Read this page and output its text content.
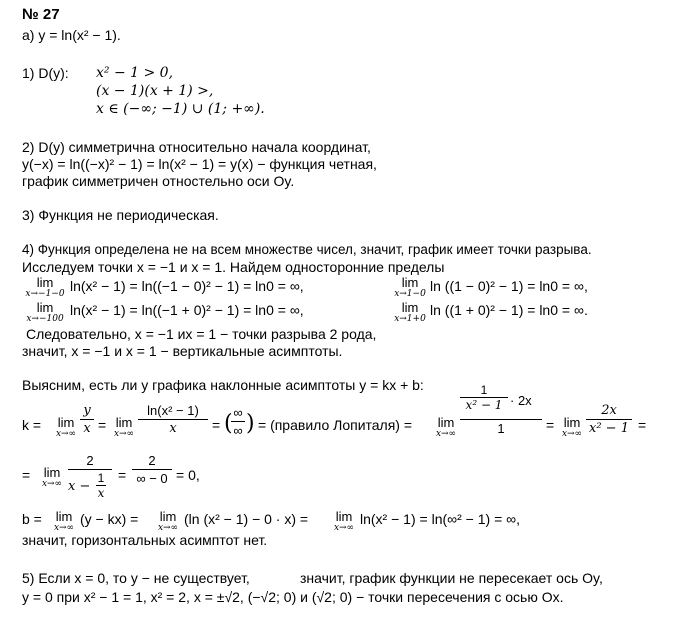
№ 27
а) y = ln(x² − 1).
1) D(y): x² − 1 > 0,
(x − 1)(x + 1) >,
x ∈ (−∞; −1) ∪ (1; +∞).
2) D(y) симметрична относительно начала координат,
y(−x) = ln((−x)² − 1) = ln(x² − 1) = y(x) − функция четная,
график симметричен отностельно оси Oy.
3) Функция не периодическая.
4) Функция определена не на всем множестве чисел, значит, график имеет точки разрыва.
Исследуем точки x = −1 и x = 1. Найдем односторонние пределы
lim
x→−1−0 ln(x² − 1) = ln((−1 − 0)² − 1) = ln0 = ∞,	lim
x→1−0 ln ((1 − 0)² − 1) = ln0 = ∞,
lim
x→−100
ln(x² − 1) = ln((−1 + 0)² − 1) = ln0 = ∞,	lim
x→1+0
ln ((1 + 0)² − 1) = ln0 = ∞.
Следовательно, x = −1 иx = 1 − точки разрыва 2 рода,
значит, x = −1 и x = 1 − вертикальные асимптоты.
Выясним, есть ли у графика наклонные асимптоты y = kx + b:
k =	lim
x→∞
y
x = lim
x→∞
ln(x² − 1)
x	= ( ∞
∞ ) = (правило Лопиталя) =	lim
x→∞
1
x² − 1 · 2x
1	= lim
x→∞
2x
x² − 1 =
=	lim
x→∞
2
x −
1
x
=
2
∞ − 0 = 0,
b =	lim
x→∞
(y − kx) =	lim
x→∞
(ln (x² − 1) − 0 · x) =	lim
x→∞
ln(x² − 1) = ln(∞² − 1) = ∞,
значит, горизонтальных асимптот нет.
5) Если x = 0, то y − не существует,	значит, график функции не пересекает ось Oy,
y = 0 при x² − 1 = 1, x² = 2, x = ±√2, (−√2; 0) и (√2; 0) − точки пересечения с осью Ox.
